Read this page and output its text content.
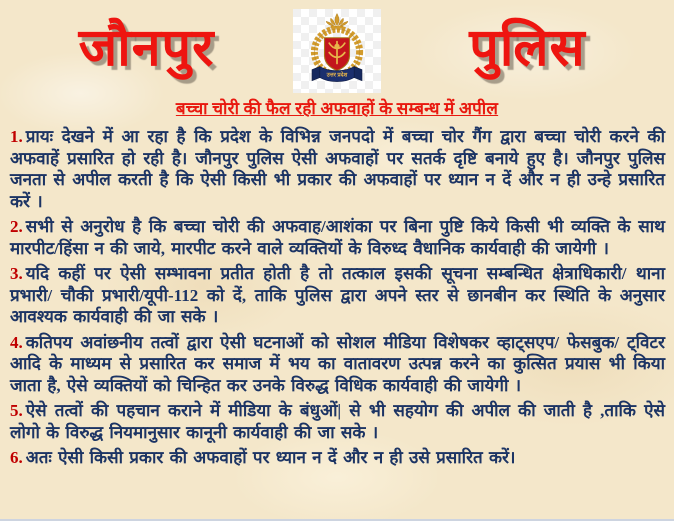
जौनपुर	उत्तर प्रदेश	पुलिस
बच्चा चोरी की फैल रही अफवाहों के सम्बन्ध में अपील

1. प्रायः देखने में आ रहा है कि प्रदेश के विभिन्न जनपदो में बच्चा चोर गैंग द्वारा बच्चा चोरी करने की अफवाहें प्रसारित हो रही है। जौनपुर पुलिस ऐसी अफवाहों पर सतर्क दृष्टि बनाये हुए है। जौनपुर पुलिस जनता से अपील करती है कि ऐसी किसी भी प्रकार की अफवाहों पर ध्यान न दें और न ही उन्हे प्रसारित करें ।

2. सभी से अनुरोध है कि बच्चा चोरी की अफवाह/आशंका पर बिना पुष्टि किये किसी भी व्यक्ति के साथ मारपीट/हिंसा न की जाये, मारपीट करने वाले व्यक्तियों के विरुध्द वैधानिक कार्यवाही की जायेगी ।

3. यदि कहीं पर ऐसी सम्भावना प्रतीत होती है तो तत्काल इसकी सूचना सम्बन्धित क्षेत्राधिकारी/ थाना प्रभारी/ चौकी प्रभारी/यूपी-112 को दें, ताकि पुलिस द्वारा अपने स्तर से छानबीन कर स्थिति के अनुसार आवश्यक कार्यवाही की जा सके ।

4. कतिपय अवांछनीय तत्वों द्वारा ऐसी घटनाओं को सोशल मीडिया विशेषकर व्हाट्सएप/ फेसबुक/ ट्विटर आदि के माध्यम से प्रसारित कर समाज में भय का वातावरण उत्पन्न करने का कुत्सित प्रयास भी किया जाता है, ऐसे व्यक्तियों को चिन्हित कर उनके विरुद्ध विधिक कार्यवाही की जायेगी ।

5. ऐसे तत्वों की पहचान कराने में मीडिया के बंधुओं| से भी सहयोग की अपील की जाती है ,ताकि ऐसे लोगो के विरुद्ध नियमानुसार कानूनी कार्यवाही की जा सके ।

6. अतः ऐसी किसी प्रकार की अफवाहों पर ध्यान न दें और न ही उसे प्रसारित करें।
